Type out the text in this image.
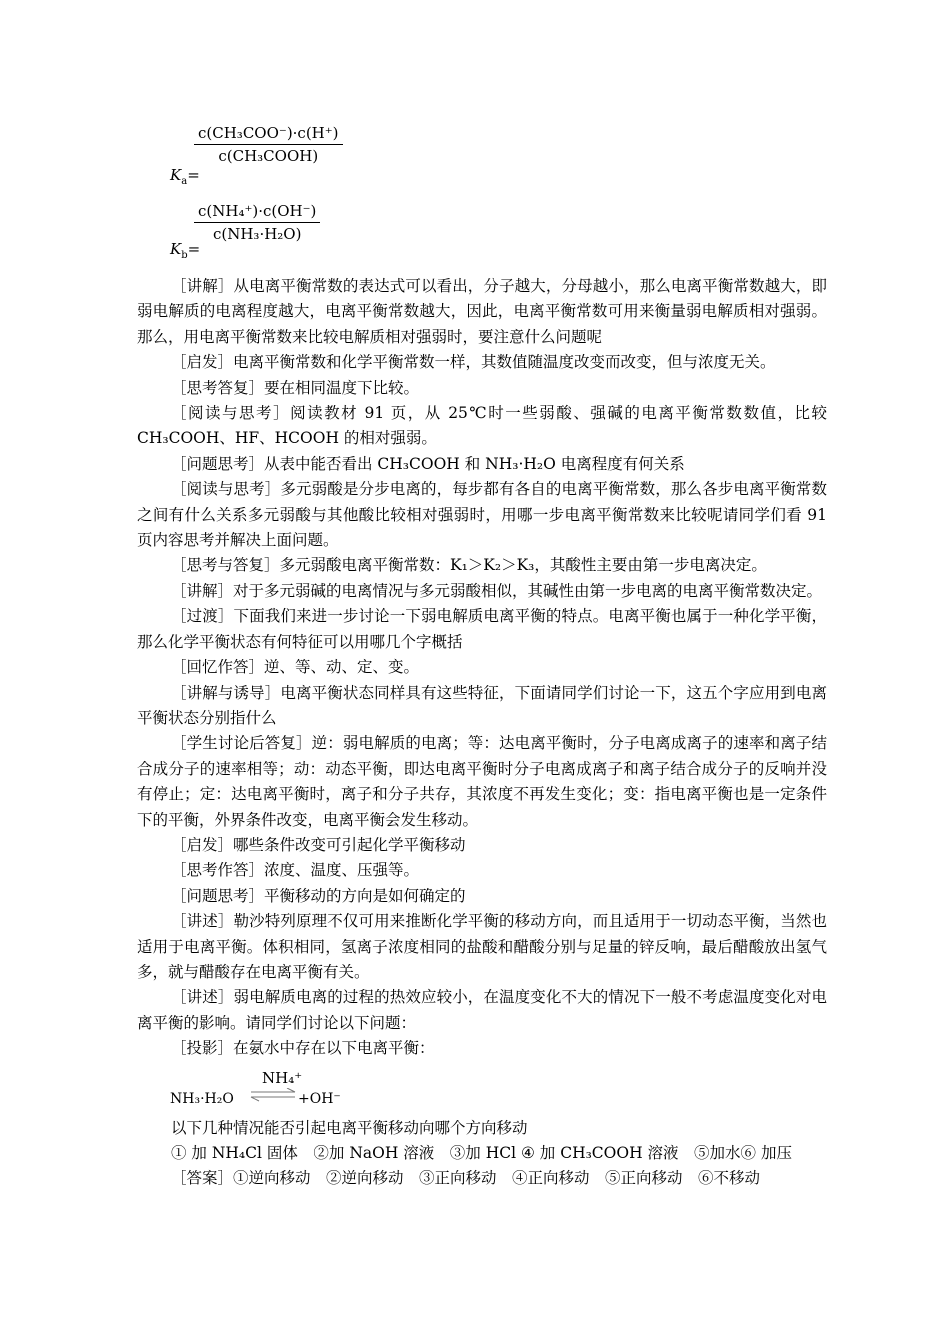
$K_a=$
c(CH₃COO⁻)·c(H⁺)
c(CH₃COOH)
$K_b=$
c(NH₄⁺)·c(OH⁻)
c(NH₃·H₂O)

［讲解］从电离平衡常数的表达式可以看出，分子越大，分母越小，那么电离平衡常数越大，即弱电解质的电离程度越大，电离平衡常数越大，因此，电离平衡常数可用来衡量弱电解质相对强弱。那么，用电离平衡常数来比较电解质相对强弱时，要注意什么问题呢

［启发］电离平衡常数和化学平衡常数一样，其数值随温度改变而改变，但与浓度无关。

［思考答复］要在相同温度下比较。

［阅读与思考］阅读教材 91 页，从 25℃时一些弱酸、强碱的电离平衡常数数值，比较 CH₃COOH、HF、HCOOH 的相对强弱。

［问题思考］从表中能否看出 CH₃COOH 和 NH₃·H₂O 电离程度有何关系

［阅读与思考］多元弱酸是分步电离的，每步都有各自的电离平衡常数，那么各步电离平衡常数之间有什么关系多元弱酸与其他酸比较相对强弱时，用哪一步电离平衡常数来比较呢请同学们看 91 页内容思考并解决上面问题。

［思考与答复］多元弱酸电离平衡常数：K₁＞K₂＞K₃，其酸性主要由第一步电离决定。

［讲解］对于多元弱碱的电离情况与多元弱酸相似，其碱性由第一步电离的电离平衡常数决定。

［过渡］下面我们来进一步讨论一下弱电解质电离平衡的特点。电离平衡也属于一种化学平衡，那么化学平衡状态有何特征可以用哪几个字概括

［回忆作答］逆、等、动、定、变。

［讲解与诱导］电离平衡状态同样具有这些特征，下面请同学们讨论一下，这五个字应用到电离平衡状态分别指什么

［学生讨论后答复］逆：弱电解质的电离；等：达电离平衡时，分子电离成离子的速率和离子结合成分子的速率相等；动：动态平衡，即达电离平衡时分子电离成离子和离子结合成分子的反响并没有停止；定：达电离平衡时，离子和分子共存，其浓度不再发生变化；变：指电离平衡也是一定条件下的平衡，外界条件改变，电离平衡会发生移动。

［启发］哪些条件改变可引起化学平衡移动

［思考作答］浓度、温度、压强等。

［问题思考］平衡移动的方向是如何确定的

［讲述］勒沙特列原理不仅可用来推断化学平衡的移动方向，而且适用于一切动态平衡，当然也适用于电离平衡。体积相同，氢离子浓度相同的盐酸和醋酸分别与足量的锌反响，最后醋酸放出氢气多，就与醋酸存在电离平衡有关。

［讲述］弱电解质电离的过程的热效应较小，在温度变化不大的情况下一般不考虑温度变化对电离平衡的影响。请同学们讨论以下问题：

［投影］在氨水中存在以下电离平衡：

NH₃·H₂O
NH₄⁺
⇌ +OH⁻

以下几种情况能否引起电离平衡移动向哪个方向移动

① 加 NH₄Cl 固体　②加 NaOH 溶液　③加 HCl ④ 加 CH₃COOH 溶液　⑤加水⑥ 加压

［答案］①逆向移动　②逆向移动　③正向移动　④正向移动　⑤正向移动　⑥不移动
